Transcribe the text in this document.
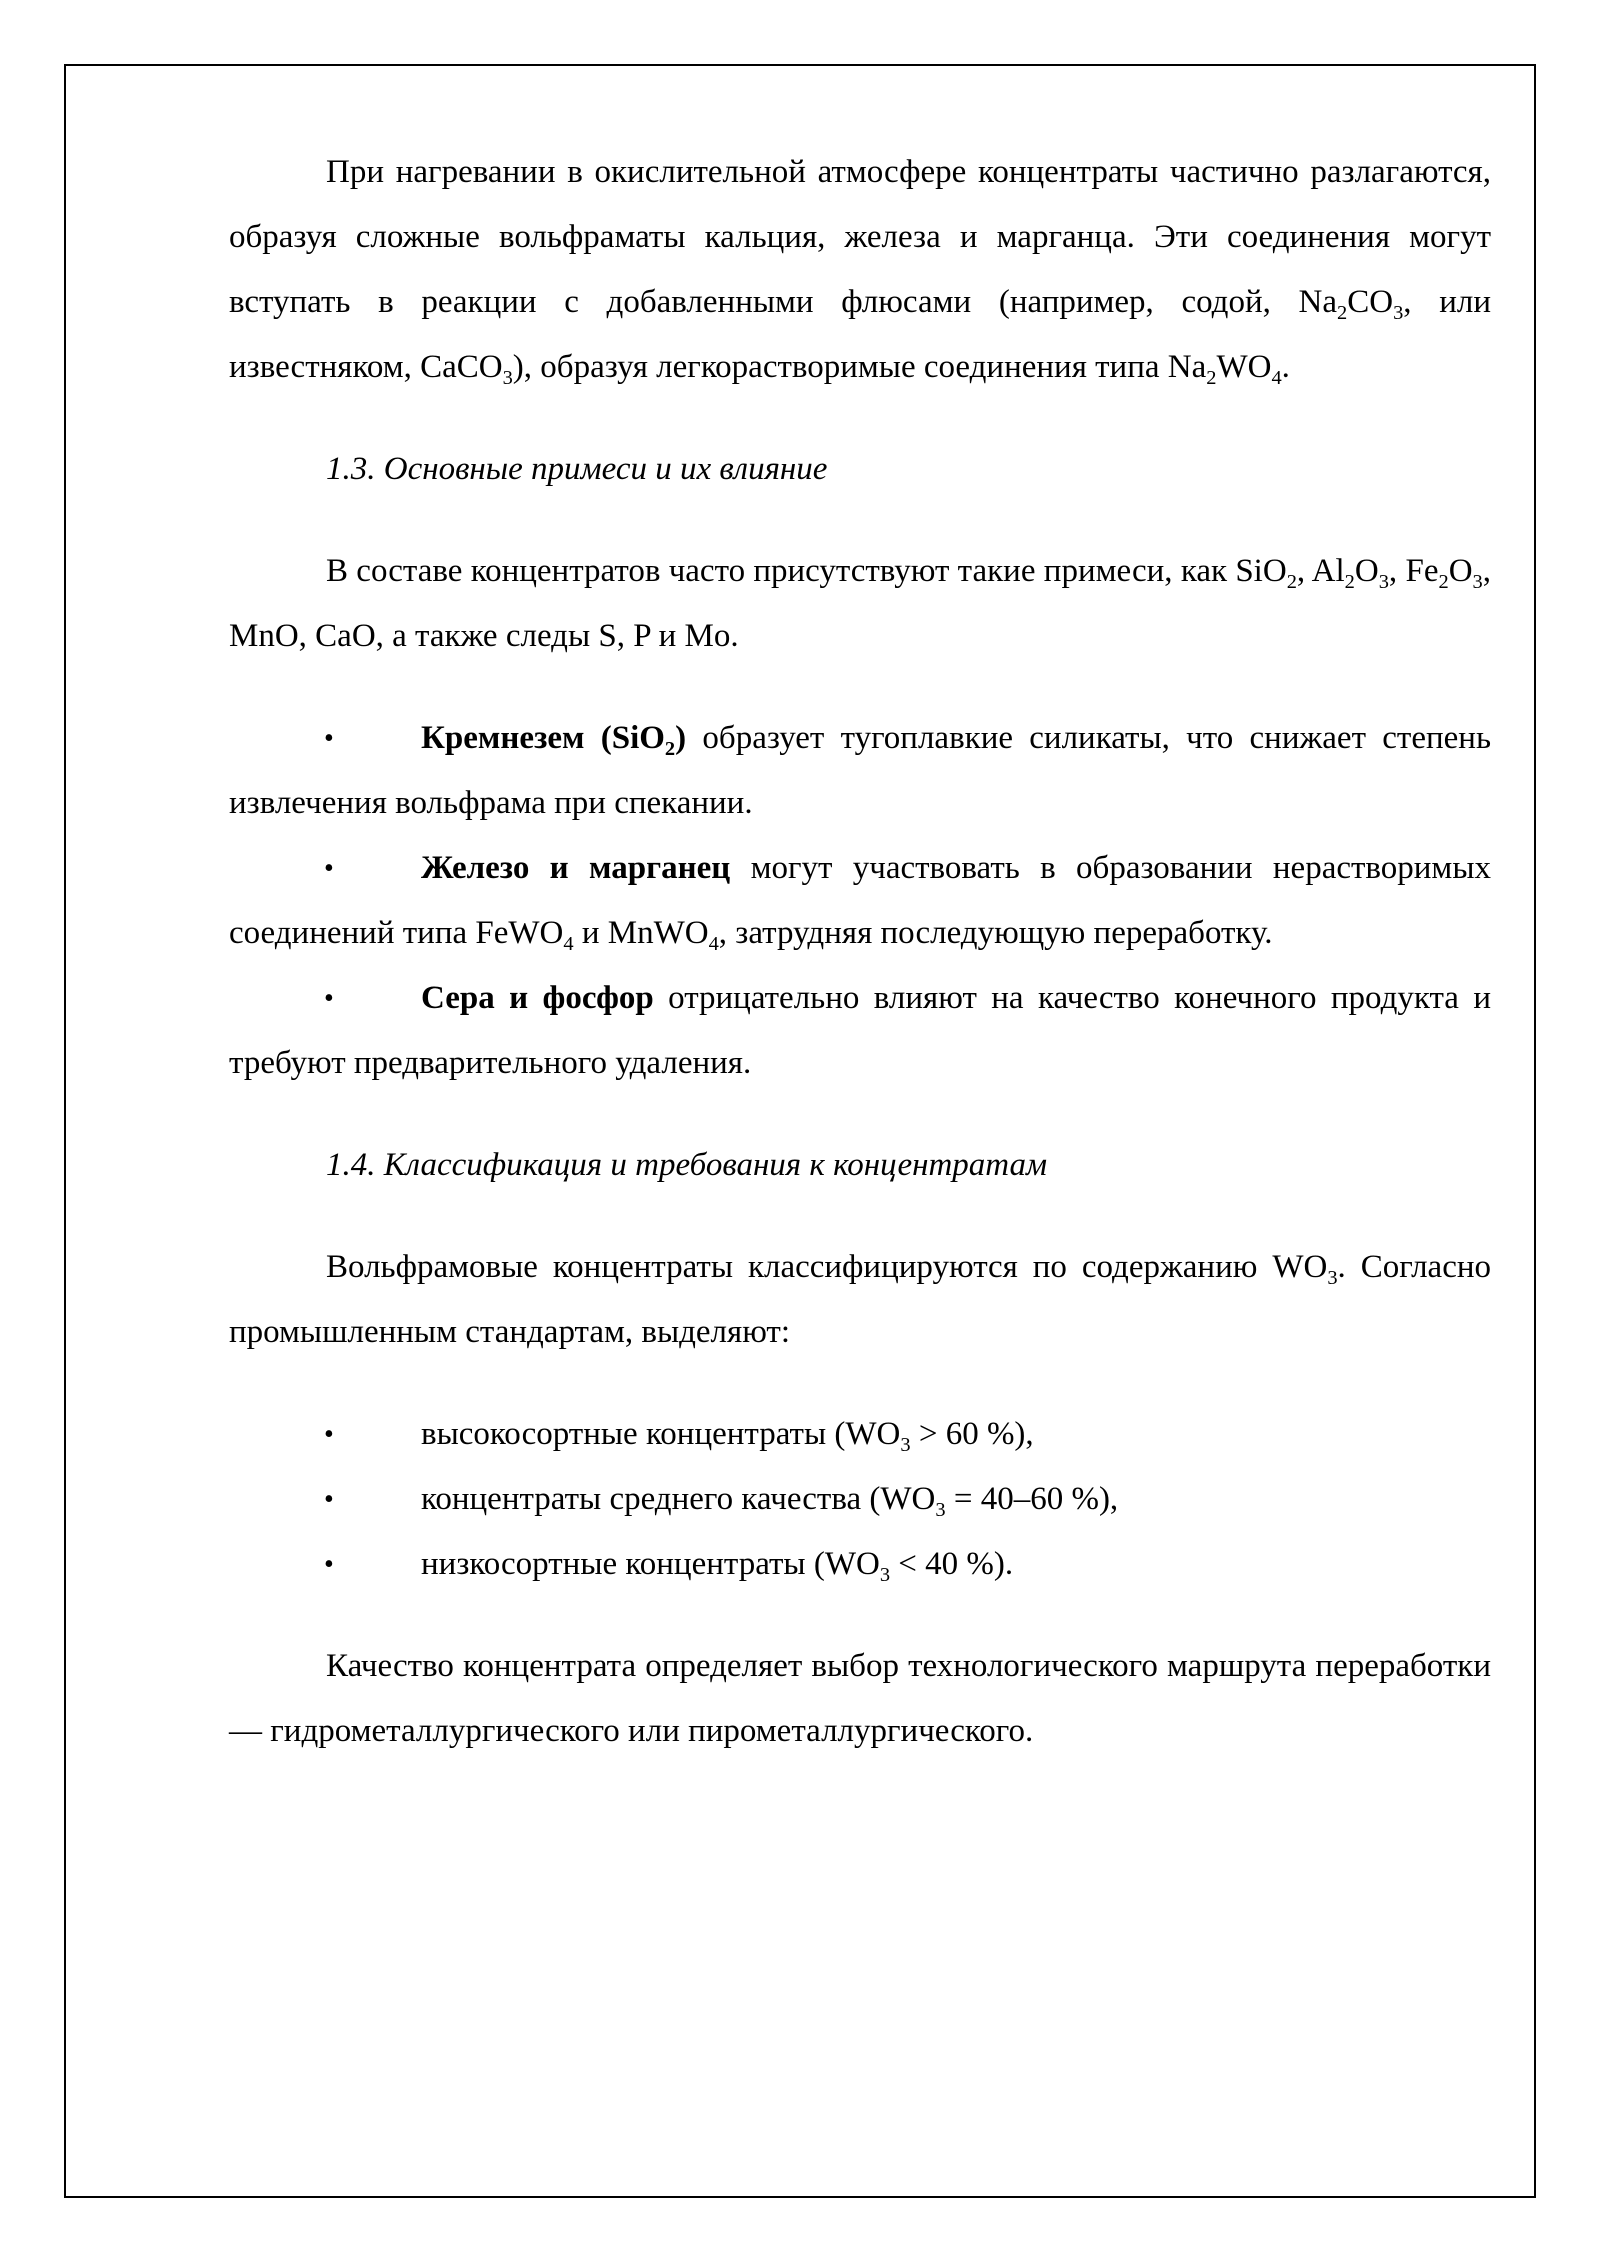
При нагревании в окислительной атмосфере концентраты частично разлагаются, образуя сложные вольфраматы кальция, железа и марганца. Эти соединения могут вступать в реакции с добавленными флюсами (например, содой, $Na_2CO_3$, или известняком, CaCO$_3$), образуя легкорастворимые соединения типа $Na_2WO_4$.

1.3. Основные примеси и их влияние

В составе концентратов часто присутствуют такие примеси, как SiO$_2$, $Al_2O_3$, $Fe_2O_3$, MnO, CaO, а также следы S, P и Mo.

•	Кремнезем (SiO$_2$) образует тугоплавкие силикаты, что снижает степень извлечения вольфрама при спекании.

•	Железо и марганец могут участвовать в образовании нерастворимых соединений типа FeWO$_4$ и MnWO$_4$, затрудняя последующую переработку.

•	Сера и фосфор отрицательно влияют на качество конечного продукта и требуют предварительного удаления.

1.4. Классификация и требования к концентратам

Вольфрамовые концентраты классифицируются по содержанию $WO_3$. Согласно промышленным стандартам, выделяют:

•	высокосортные концентраты ($WO_3 > 60$ %),

•	концентраты среднего качества ($WO_3 = 40-60$ %),

•	низкосортные концентраты ($WO_3 < 40$ %).

Качество концентрата определяет выбор технологического маршрута переработки — гидрометаллургического или пирометаллургического.
